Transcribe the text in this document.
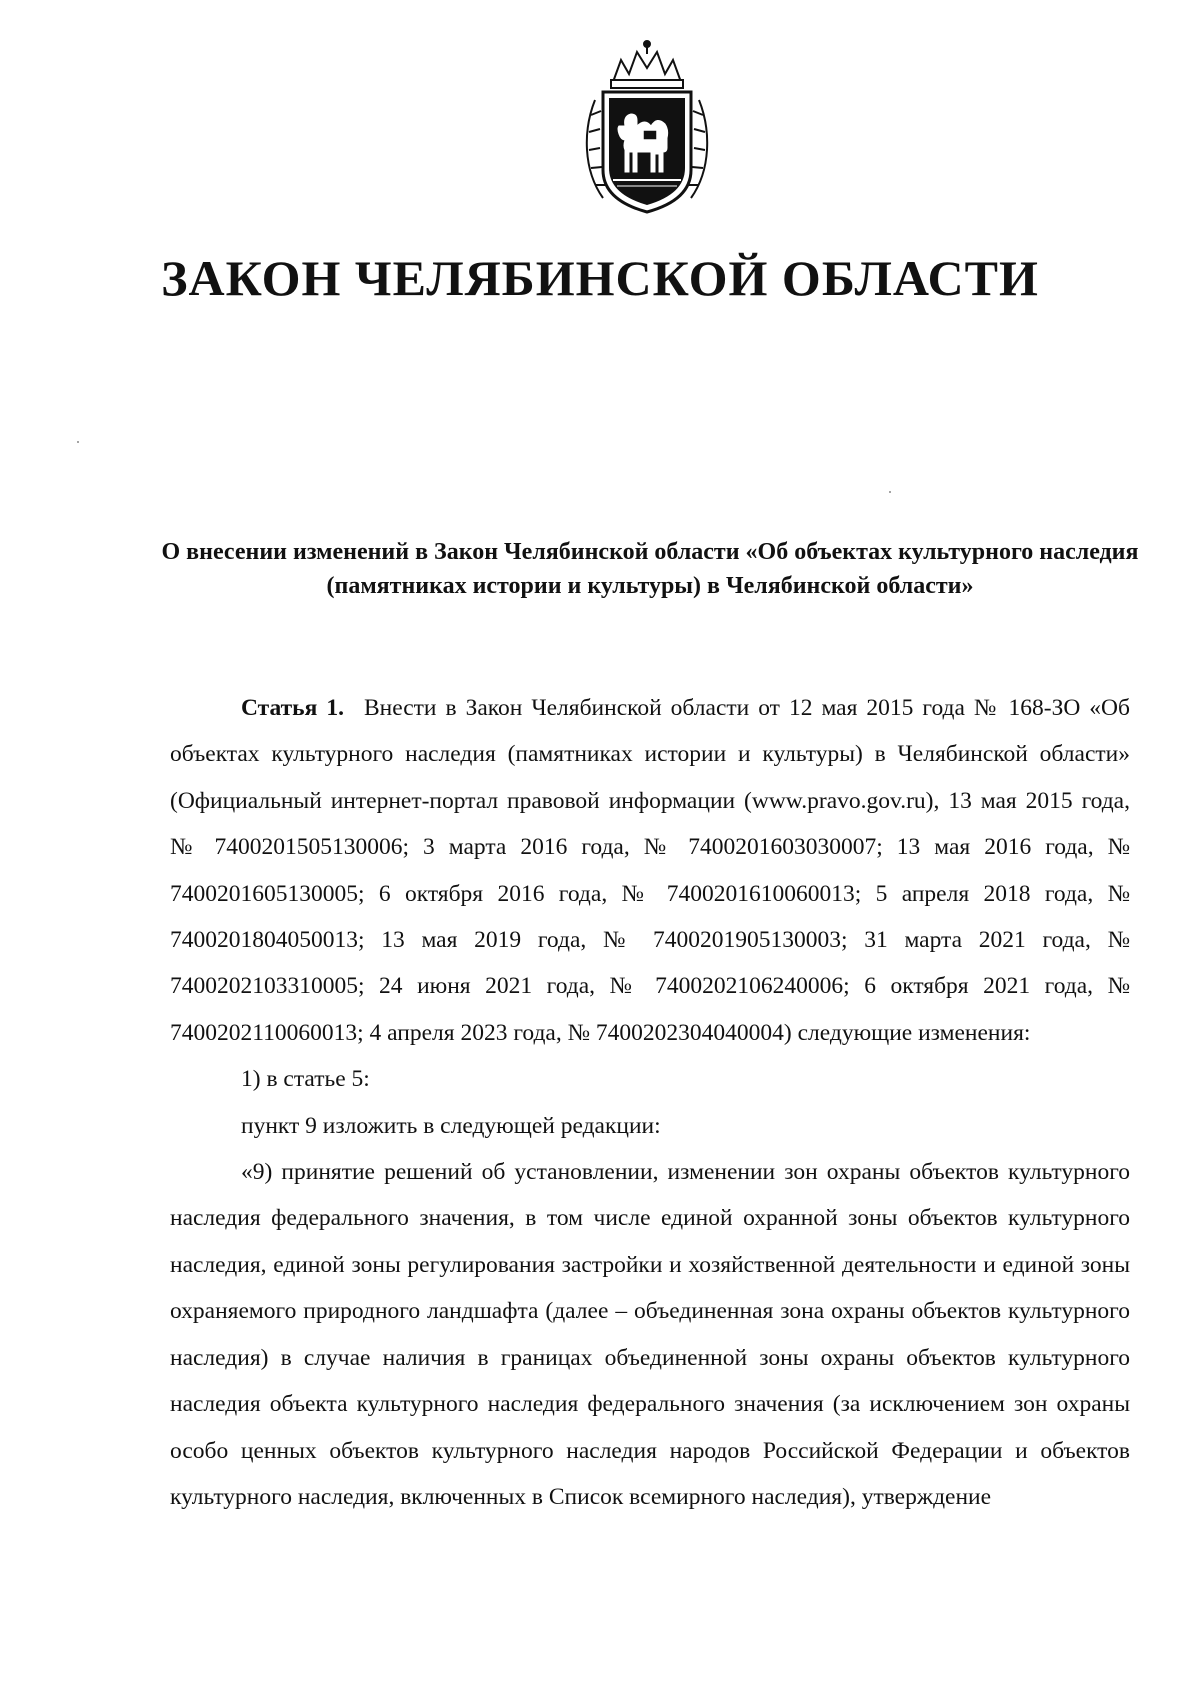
ЗАКОН ЧЕЛЯБИНСКОЙ ОБЛАСТИ
О внесении изменений в Закон Челябинской области «Об объектах культурного наследия (памятниках истории и культуры) в Челябинской области»

Статья 1. Внести в Закон Челябинской области от 12 мая 2015 года № 168-ЗО «Об объектах культурного наследия (памятниках истории и культуры) в Челябинской области» (Официальный интернет-портал правовой информации (www.pravo.gov.ru), 13 мая 2015 года, № 7400201505130006; 3 марта 2016 года, № 7400201603030007; 13 мая 2016 года, № 7400201605130005; 6 октября 2016 года, № 7400201610060013; 5 апреля 2018 года, № 7400201804050013; 13 мая 2019 года, № 7400201905130003; 31 марта 2021 года, № 7400202103310005; 24 июня 2021 года, № 7400202106240006; 6 октября 2021 года, № 7400202110060013; 4 апреля 2023 года, № 7400202304040004) следующие изменения:

1) в статье 5:

пункт 9 изложить в следующей редакции:

«9) принятие решений об установлении, изменении зон охраны объектов культурного наследия федерального значения, в том числе единой охранной зоны объектов культурного наследия, единой зоны регулирования застройки и хозяйственной деятельности и единой зоны охраняемого природного ландшафта (далее – объединенная зона охраны объектов культурного наследия) в случае наличия в границах объединенной зоны охраны объектов культурного наследия объекта культурного наследия федерального значения (за исключением зон охраны особо ценных объектов культурного наследия народов Российской Федерации и объектов культурного наследия, включенных в Список всемирного наследия), утверждение
